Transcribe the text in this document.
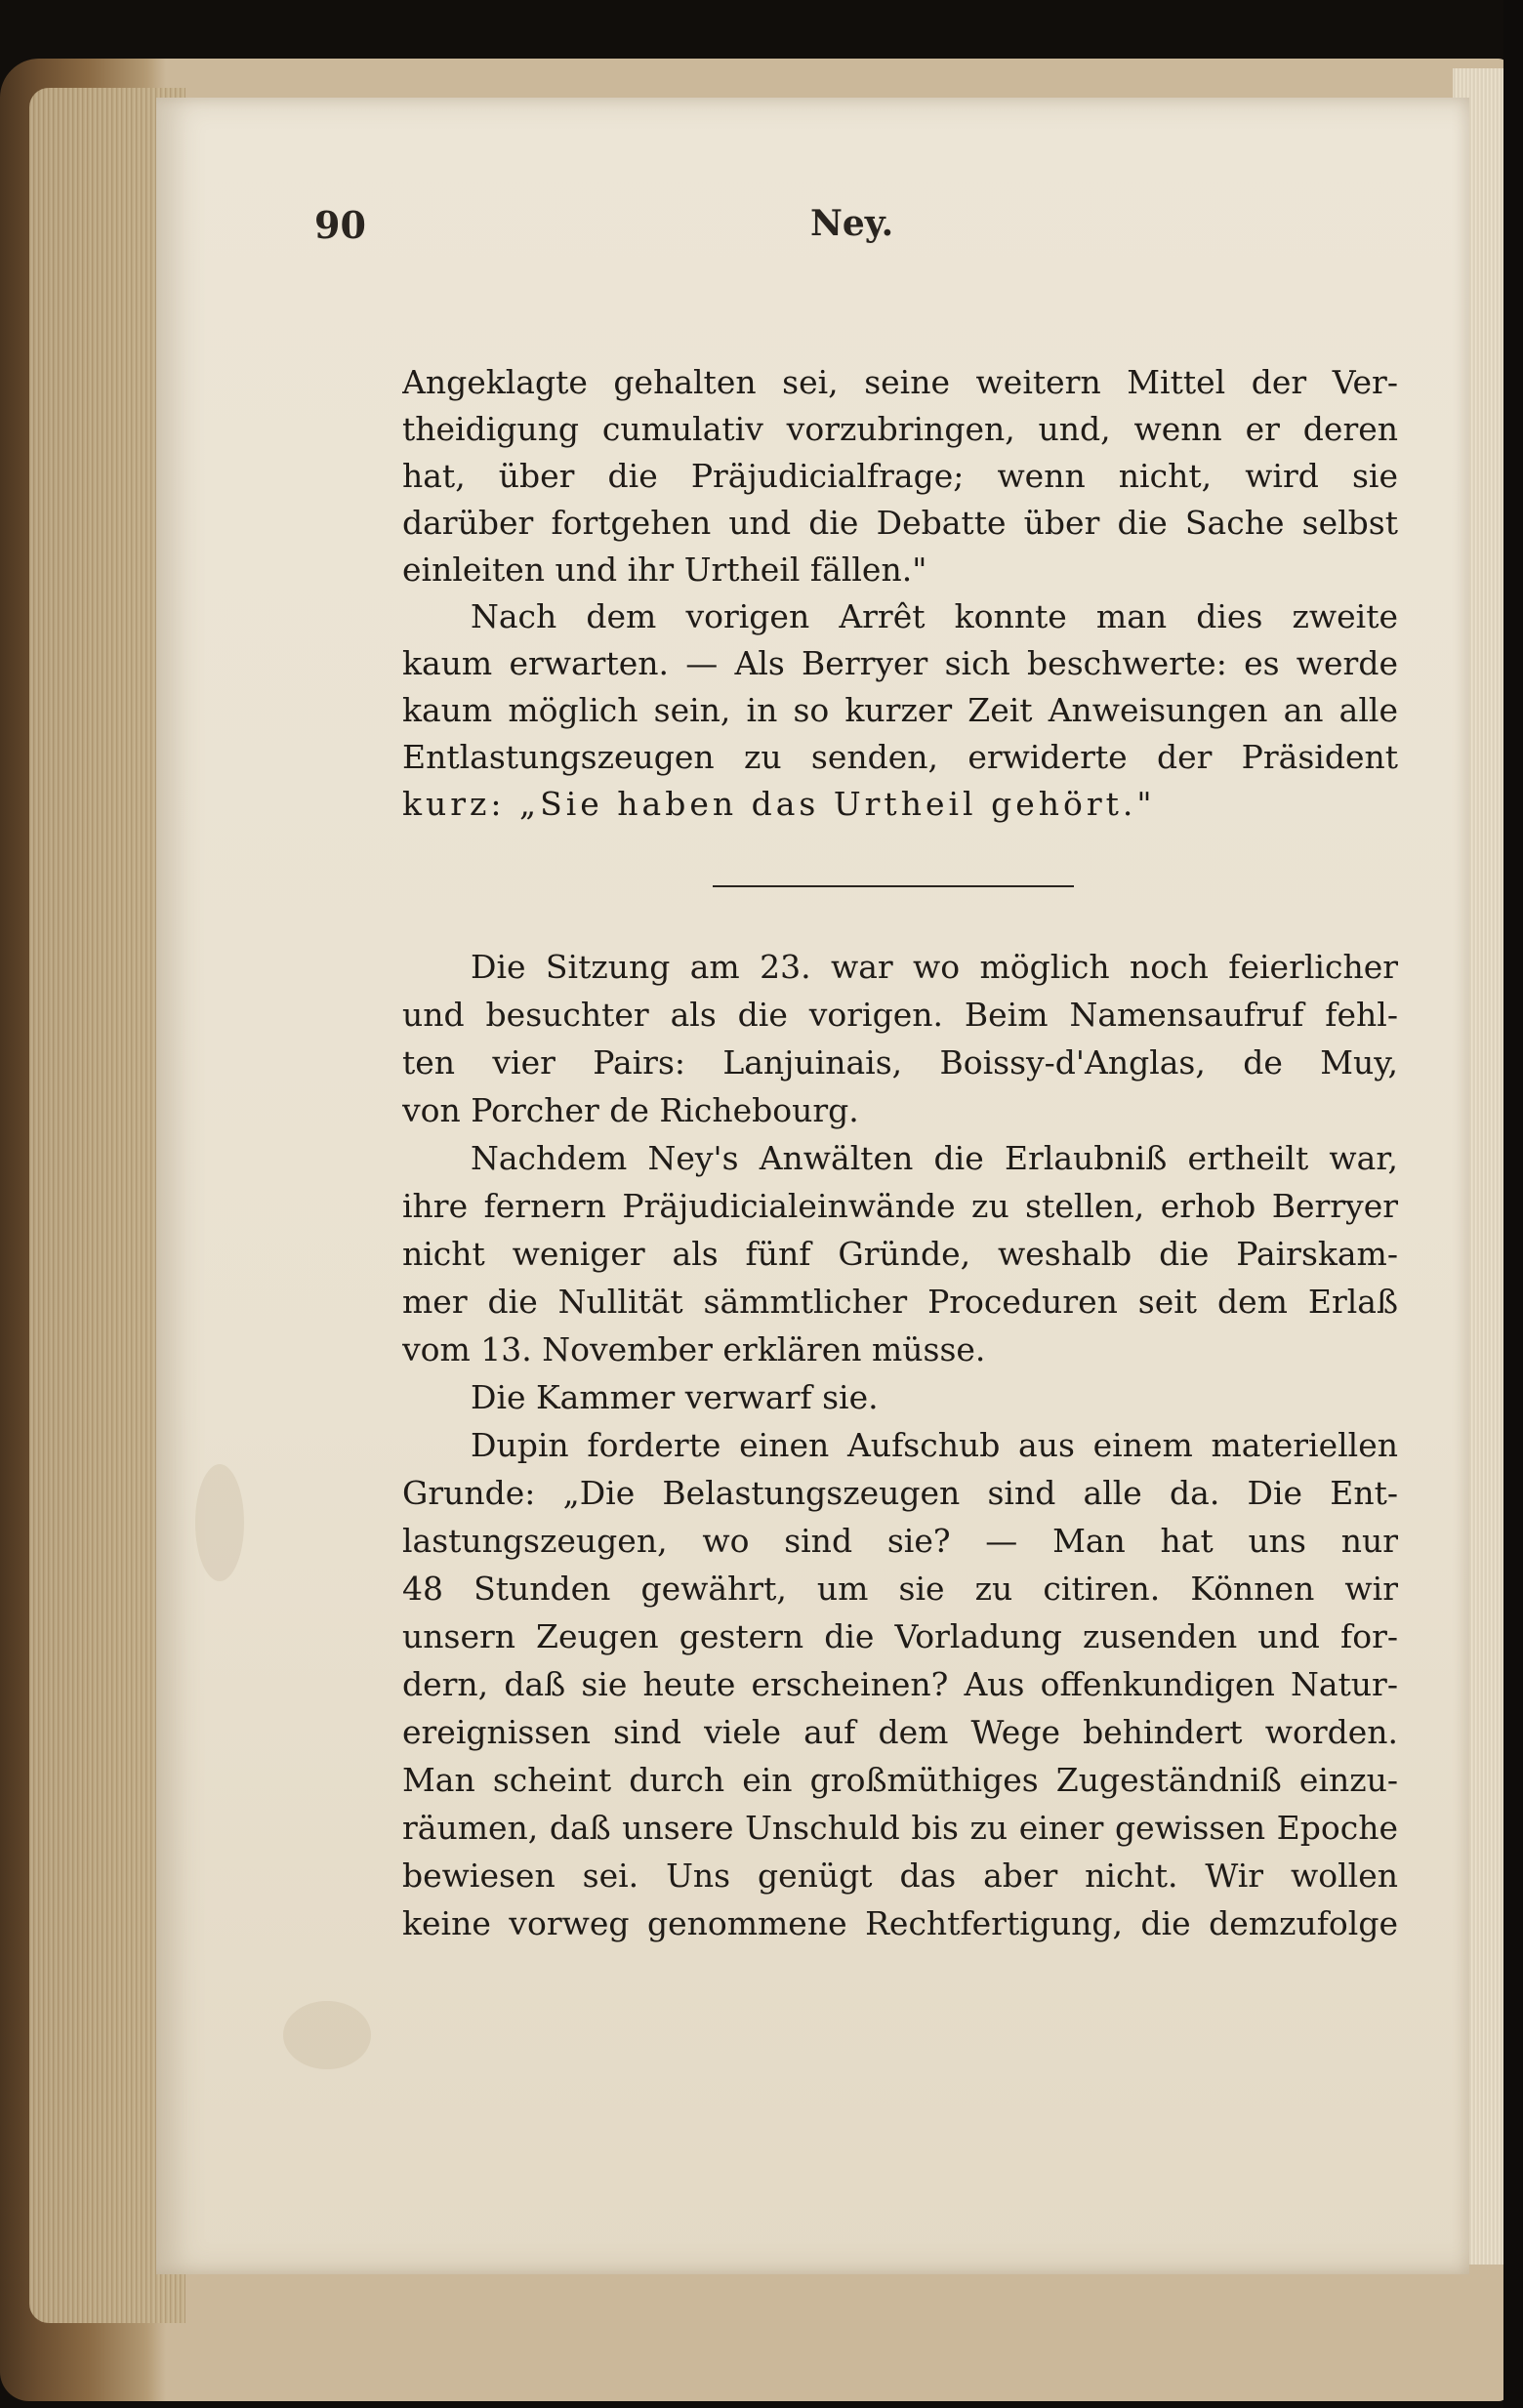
90	Ney.
Angeklagte gehalten sei, seine weitern Mittel der Ver-
theidigung cumulativ vorzubringen, und, wenn er deren
hat, über die Präjudicialfrage; wenn nicht, wird sie
darüber fortgehen und die Debatte über die Sache selbst
einleiten und ihr Urtheil fällen."
Nach dem vorigen Arrêt konnte man dies zweite
kaum erwarten. — Als Berryer sich beschwerte: es werde
kaum möglich sein, in so kurzer Zeit Anweisungen an alle
Entlastungszeugen zu senden, erwiderte der Präsident
kurz: „Sie haben das Urtheil gehört."
Die Sitzung am 23. war wo möglich noch feierlicher
und besuchter als die vorigen. Beim Namensaufruf fehl-
ten vier Pairs: Lanjuinais, Boissy-d'Anglas, de Muy,
von Porcher de Richebourg.
Nachdem Ney's Anwälten die Erlaubniß ertheilt war,
ihre fernern Präjudicialeinwände zu stellen, erhob Berryer
nicht weniger als fünf Gründe, weshalb die Pairskam-
mer die Nullität sämmtlicher Proceduren seit dem Erlaß
vom 13. November erklären müsse.
Die Kammer verwarf sie.
Dupin forderte einen Aufschub aus einem materiellen
Grunde: „Die Belastungszeugen sind alle da. Die Ent-
lastungszeugen, wo sind sie? — Man hat uns nur
48 Stunden gewährt, um sie zu citiren. Können wir
unsern Zeugen gestern die Vorladung zusenden und for-
dern, daß sie heute erscheinen? Aus offenkundigen Natur-
ereignissen sind viele auf dem Wege behindert worden.
Man scheint durch ein großmüthiges Zugeständniß einzu-
räumen, daß unsere Unschuld bis zu einer gewissen Epoche
bewiesen sei. Uns genügt das aber nicht. Wir wollen
keine vorweg genommene Rechtfertigung, die demzufolge
